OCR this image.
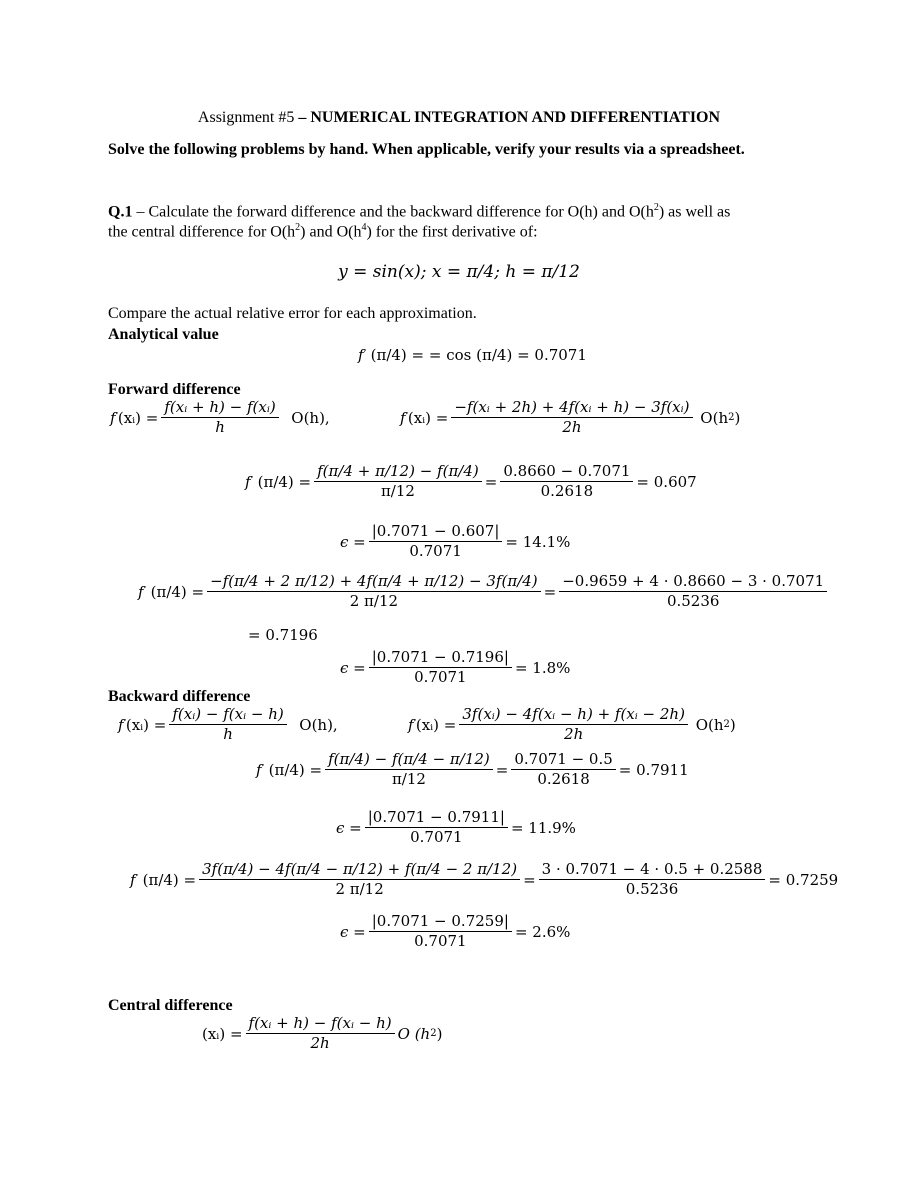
Assignment #5 – NUMERICAL INTEGRATION AND DIFFERENTIATION
Solve the following problems by hand. When applicable, verify your results via a spreadsheet.
Q.1 – Calculate the forward difference and the backward difference for O(h) and $O(h^2)$ as well as
the central difference for $O(h^2)$ and $O(h^4)$ for the first derivative of:
y = sin(x); x = π/4; h = π/12
Compare the actual relative error for each approximation.
Analytical value
f ′
(π/4) =
= cos (π/4) = 0.7071
Forward difference
f ′ (xᵢ) = $\frac{\text{f(xᵢ + h) − f(xᵢ)}}{h}$
O(h),	f ′ (xᵢ) = $\frac{\text{−f(xᵢ + 2h) + 4f(xᵢ + h) − 3f(xᵢ)}}{2h}$
O(h 2 )
f ′
$(\pi/4) = \frac{f(\pi/4 + \pi/12) - f(\pi/4)}{\pi/12} = \frac{0.8660 - 0.7071}{0.2618} = 0.607$
$\epsilon = \frac{|0.7071 - 0.607|}{0.7071} = 14.1\%$
f ′
$(\pi/4) = \frac{-f(\pi/4 + 2 \pi/12) + 4f(\pi/4 + \pi/12) - 3f(\pi/4)}{2 \pi/12} = \frac{-0.9659 + 4 \cdot 0.8660 - 3 \cdot 0.7071}{0.5236}$
= 0.7196
$\epsilon = \frac{|0.7071 - 0.7196|}{0.7071} = 1.8\%$
Backward difference
f ′ (xᵢ) = $\frac{\text{f(xᵢ) − f(xᵢ − h)}}{h}$
O(h),	f ′ (xᵢ) = $\frac{\text{3f(xᵢ) − 4f(xᵢ − h) + f(xᵢ − 2h)}}{2h}$
O(h 2 )
f ′
$(\pi/4) = \frac{f(\pi/4) - f(\pi/4 - \pi/12)}{\pi/12} = \frac{0.7071 - 0.5}{0.2618} = 0.7911$
$\epsilon = \frac{|0.7071 - 0.7911|}{0.7071} = 11.9\%$
f ′
$(\pi/4) = \frac{3f(\pi/4) - 4f(\pi/4 - \pi/12) + f(\pi/4 - 2 \pi/12)}{2 \pi/12} = \frac{3 \cdot 0.7071 - 4 \cdot 0.5 + 0.2588}{0.5236} = 0.7259$
$\epsilon = \frac{|0.7071 - 0.7259|}{0.7071} = 2.6\%$
Central difference
(xᵢ) = $\frac{\text{f(xᵢ + h) − f(xᵢ − h)}}{2h}$ O (h 2 )
